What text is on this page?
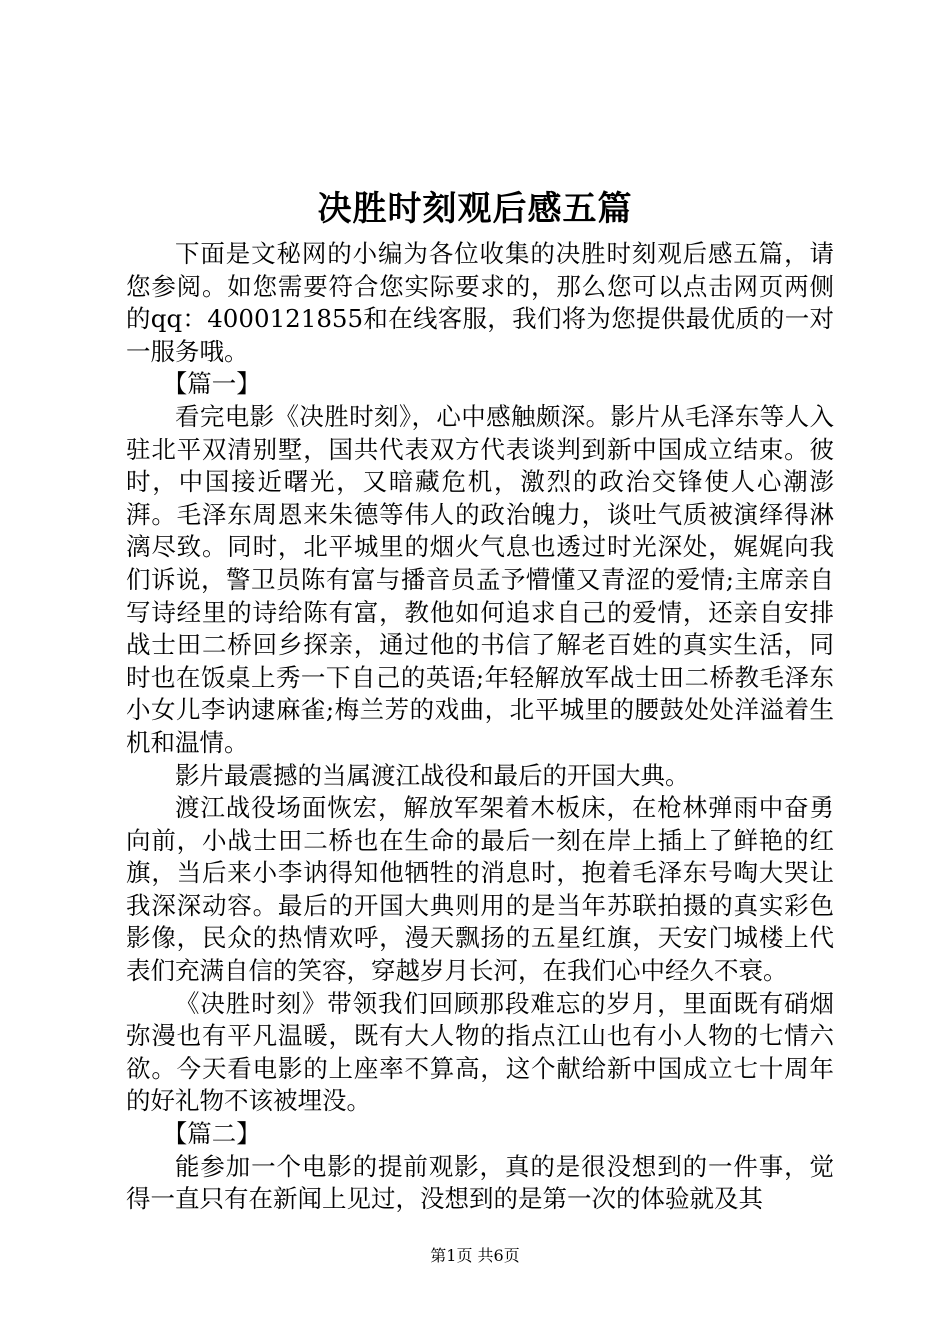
决胜时刻观后感五篇

下面是文秘网的小编为各位收集的决胜时刻观后感五篇，请您参阅。如您需要符合您实际要求的，那么您可以点击网页两侧的qq：4000121855和在线客服，我们将为您提供最优质的一对一服务哦。

【篇一】

看完电影《决胜时刻》，心中感触颇深。影片从毛泽东等人入驻北平双清别墅，国共代表双方代表谈判到新中国成立结束。彼时，中国接近曙光，又暗藏危机，激烈的政治交锋使人心潮澎湃。毛泽东周恩来朱德等伟人的政治魄力，谈吐气质被演绎得淋漓尽致。同时，北平城里的烟火气息也透过时光深处，娓娓向我们诉说，警卫员陈有富与播音员孟予懵懂又青涩的爱情;主席亲自写诗经里的诗给陈有富，教他如何追求自己的爱情，还亲自安排战士田二桥回乡探亲，通过他的书信了解老百姓的真实生活，同时也在饭桌上秀一下自己的英语;年轻解放军战士田二桥教毛泽东小女儿李讷逮麻雀;梅兰芳的戏曲，北平城里的腰鼓处处洋溢着生机和温情。

影片最震撼的当属渡江战役和最后的开国大典。

渡江战役场面恢宏，解放军架着木板床，在枪林弹雨中奋勇向前，小战士田二桥也在生命的最后一刻在岸上插上了鲜艳的红旗，当后来小李讷得知他牺牲的消息时，抱着毛泽东号啕大哭让我深深动容。最后的开国大典则用的是当年苏联拍摄的真实彩色影像，民众的热情欢呼，漫天飘扬的五星红旗，天安门城楼上代表们充满自信的笑容，穿越岁月长河，在我们心中经久不衰。

《决胜时刻》带领我们回顾那段难忘的岁月，里面既有硝烟弥漫也有平凡温暖，既有大人物的指点江山也有小人物的七情六欲。今天看电影的上座率不算高，这个献给新中国成立七十周年的好礼物不该被埋没。

【篇二】

能参加一个电影的提前观影，真的是很没想到的一件事，觉得一直只有在新闻上见过，没想到的是第一次的体验就及其

第1页 共6页
